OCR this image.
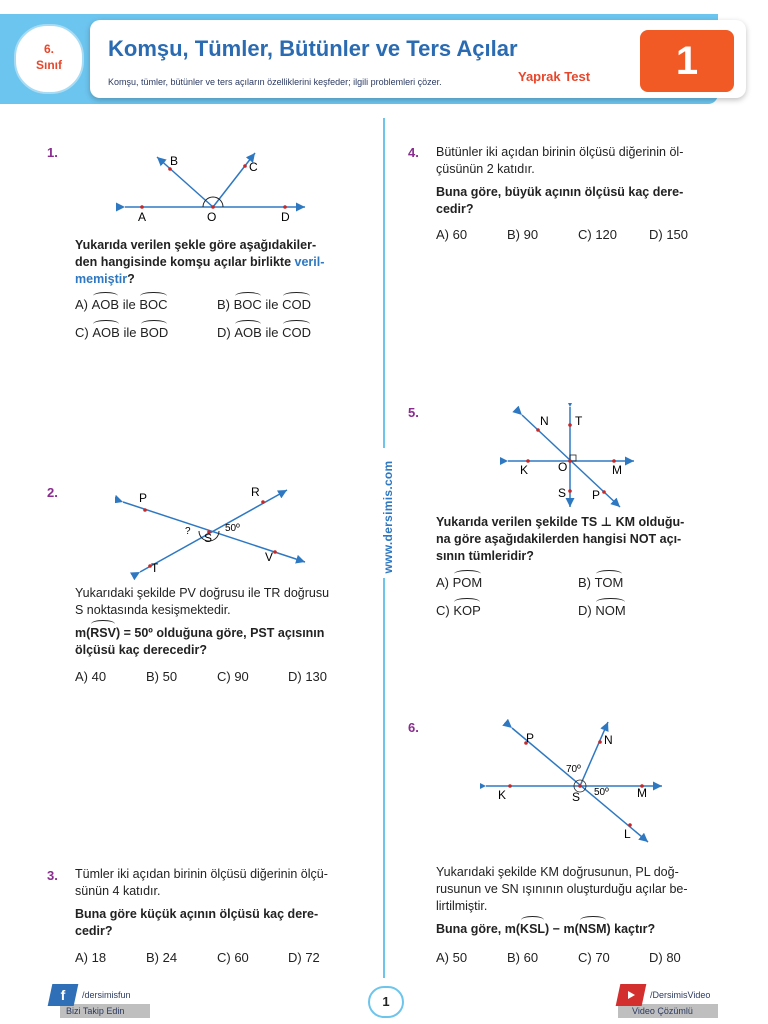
6.
Sınıf
Komşu, Tümler, Bütünler ve Ters Açılar
Komşu, tümler, bütünler ve ters açıların özelliklerini keşfeder; ilgili problemleri çözer.	Yaprak Test	1
www.dersimis.com
1.
A	O	D
B	C
Yukarıda verilen şekle göre aşağıdakiler-
den hangisinde komşu açılar birlikte veril-
memiştir?
A) AOB ile BOC	B) BOC ile COD
C) AOB ile BOD	D) AOB ile COD
2.	P	R
S
T
V
?	50º
Yukarıdaki şekilde PV doğrusu ile TR doğrusu
S noktasında kesişmektedir.
m(RSV) = 50º olduğuna göre, PST açısının
ölçüsü kaç derecedir?
A) 40	B) 50	C) 90	D) 130
3. Tümler iki açıdan birinin ölçüsü diğerinin ölçü-
sünün 4 katıdır.
Buna göre küçük açının ölçüsü kaç dere-
cedir?
A) 18	B) 24	C) 60	D) 72
4. Bütünler iki açıdan birinin ölçüsü diğerinin öl-
çüsünün 2 katıdır.
Buna göre, büyük açının ölçüsü kaç dere-
cedir?
A) 60	B) 90	C) 120 D) 150
5.
N T
K O	M
S P
Yukarıda verilen şekilde TS ⊥ KM olduğu-
na göre aşağıdakilerden hangisi NOT açı-
sının tümleridir?
A) POM	B) TOM
C) KOP	D) NOM
6.
P	N
K	S	M
L
70º
50º
Yukarıdaki şekilde KM doğrusunun, PL doğ-
rusunun ve SN ışınının oluşturduğu açılar be-
lirtilmiştir.
Buna göre, m(KSL) − m(NSM) kaçtır?
A) 50	B) 60	C) 70	D) 80
f	/dersimisfun
Bizi Takip Edin
1	/DersimisVideo
Video Çözümlü
